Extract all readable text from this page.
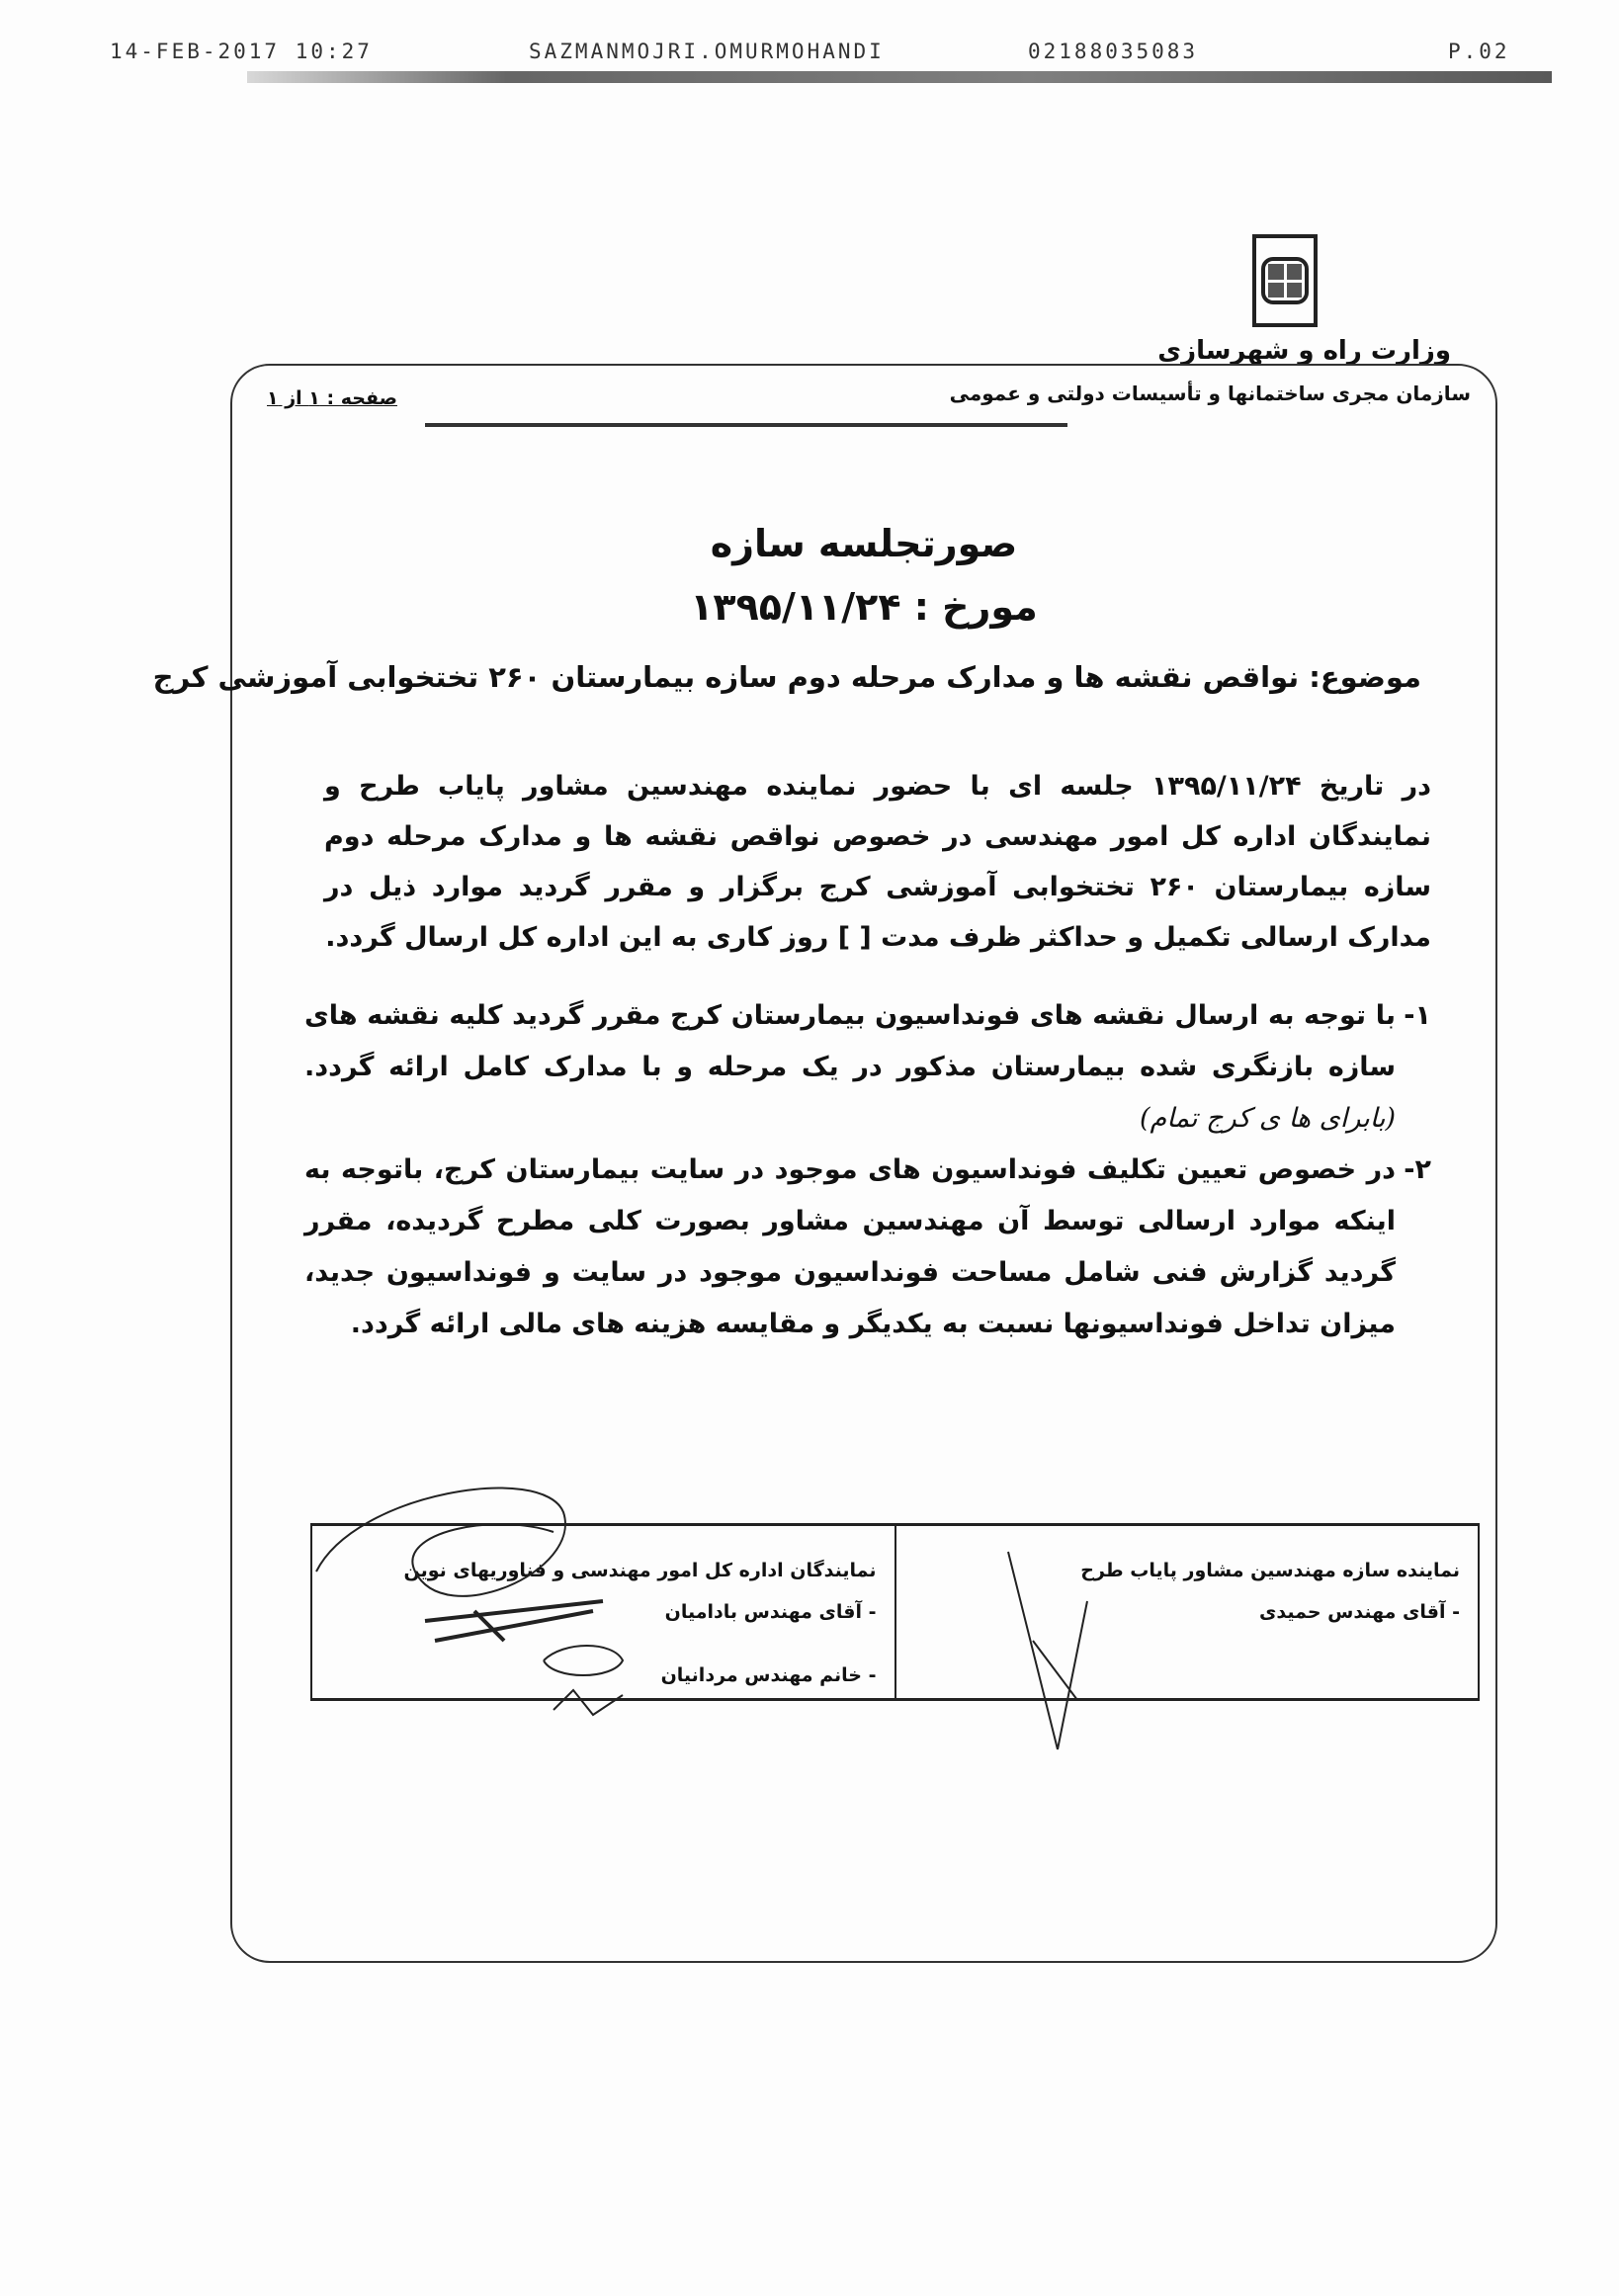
14-FEB-2017 10:27	SAZMANMOJRI.OMURMOHANDI	02188035083	P.02
وزارت راه و شهرسازی
سازمان مجری ساختمانها و تأسیسات دولتی و عمومی
صفحه : ۱ از ۱
صورتجلسه سازه
مورخ : ۱۳۹۵/۱۱/۲۴
موضوع: نواقص نقشه ها و مدارک مرحله دوم سازه بیمارستان ۲۶۰ تختخوابی آموزشی کرج

در تاریخ ۱۳۹۵/۱۱/۲۴ جلسه ای با حضور نماینده مهندسین مشاور پایاب طرح و نمایندگان اداره کل امور مهندسی در خصوص نواقص نقشه ها و مدارک مرحله دوم سازه بیمارستان ۲۶۰ تختخوابی آموزشی کرج برگزار و مقرر گردید موارد ذیل در مدارک ارسالی تکمیل و حداکثر ظرف مدت [ ] روز کاری به این اداره کل ارسال گردد.

۱-
با توجه به ارسال نقشه های فونداسیون بیمارستان کرج مقرر گردید کلیه نقشه های سازه بازنگری شده بیمارستان مذکور در یک مرحله و با مدارک کامل ارائه گردد. (بابرای ها ی کرج تمام)
۲-
در خصوص تعیین تکلیف فونداسیون های موجود در سایت بیمارستان کرج، باتوجه به اینکه موارد ارسالی توسط آن مهندسین مشاور بصورت کلی مطرح گردیده، مقرر گردید گزارش فنی شامل مساحت فونداسیون موجود در سایت و فونداسیون جدید، میزان تداخل فونداسیونها نسبت به یکدیگر و مقایسه هزینه های مالی ارائه گردد.
نماینده سازه مهندسین مشاور پایاب طرح
- آقای مهندس حمیدی
نمایندگان اداره کل امور مهندسی و فناوریهای نوین
- آقای مهندس بادامیان
- خانم مهندس مردانیان
